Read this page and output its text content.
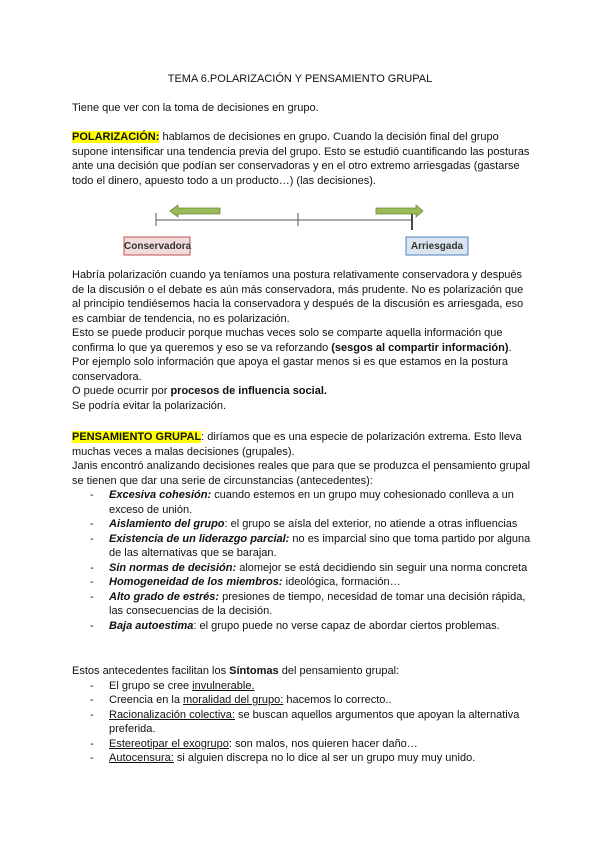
TEMA 6.POLARIZACIÓN Y PENSAMIENTO GRUPAL
Tiene que ver con la toma de decisiones en grupo.
POLARIZACIÓN: hablamos de decisiones en grupo. Cuando la decisión final del grupo supone intensificar una tendencia previa del grupo. Esto se estudió cuantificando las posturas ante una decisión que podían ser conservadoras y en el otro extremo arriesgadas (gastarse todo el dinero, apuesto todo a un producto…) (las decisiones).
Conservadora	Arriesgada
Habría polarización cuando ya teníamos una postura relativamente conservadora y después de la discusión o el debate es aún más conservadora, más prudente. No es polarización que al principio tendiésemos hacia la conservadora y después de la discusión es arriesgada, eso es cambiar de tendencia, no es polarización.
Esto se puede producir porque muchas veces solo se comparte aquella información que confirma lo que ya queremos y eso se va reforzando (sesgos al compartir información).
Por ejemplo solo información que apoya el gastar menos si es que estamos en la postura conservadora.
O puede ocurrir por procesos de influencia social.
Se podría evitar la polarización.
PENSAMIENTO GRUPAL: diríamos que es una especie de polarización extrema. Esto lleva muchas veces a malas decisiones (grupales).
Janis encontró analizando decisiones reales que para que se produzca el pensamiento grupal se tienen que dar una serie de circunstancias (antecedentes):
- Excesiva cohesión: cuando estemos en un grupo muy cohesionado conlleva a un exceso de unión.
- Aislamiento del grupo: el grupo se aísla del exterior, no atiende a otras influencias
- Existencia de un liderazgo parcial: no es imparcial sino que toma partido por alguna de las alternativas que se barajan.
- Sin normas de decisión: alomejor se está decidiendo sin seguir una norma concreta
- Homogeneidad de los miembros: ideológica, formación…
- Alto grado de estrés: presiones de tiempo, necesidad de tomar una decisión rápida, las consecuencias de la decisión.
- Baja autoestima: el grupo puede no verse capaz de abordar ciertos problemas.
Estos antecedentes facilitan los Síntomas del pensamiento grupal:
- El grupo se cree invulnerable.
- Creencia en la moralidad del grupo: hacemos lo correcto..
- Racionalización colectiva: se buscan aquellos argumentos que apoyan la alternativa preferida.
- Estereotipar el exogrupo: son malos, nos quieren hacer daño…
- Autocensura: si alguien discrepa no lo dice al ser un grupo muy muy unido.
